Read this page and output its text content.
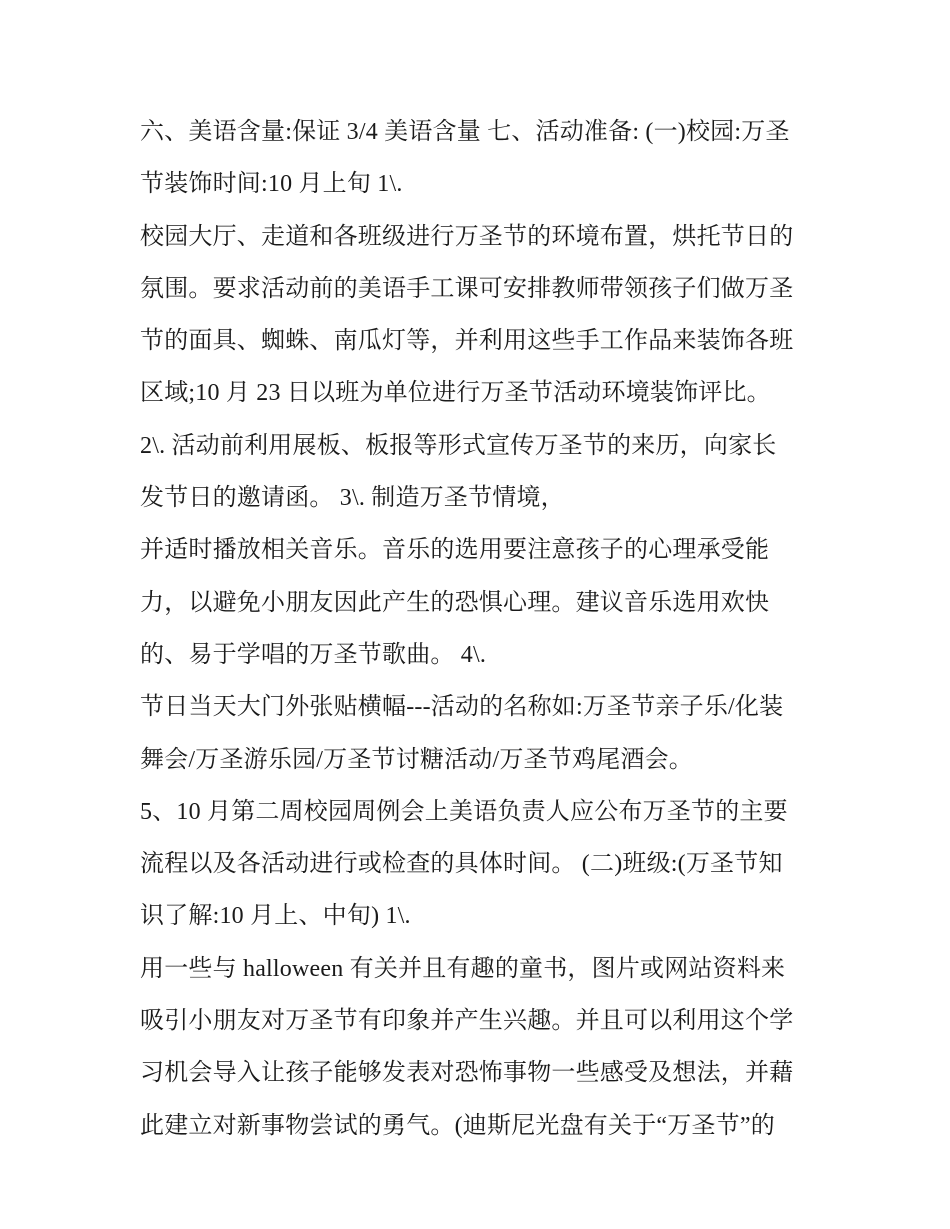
六、美语含量:保证 3/4 美语含量 七、活动准备: (一)校园:万圣
节装饰时间:10 月上旬 1\.
校园大厅、走道和各班级进行万圣节的环境布置，烘托节日的
氛围。要求活动前的美语手工课可安排教师带领孩子们做万圣
节的面具、蜘蛛、南瓜灯等，并利用这些手工作品来装饰各班
区域;10 月 23 日以班为单位进行万圣节活动环境装饰评比。
2\. 活动前利用展板、板报等形式宣传万圣节的来历，向家长
发节日的邀请函。 3\. 制造万圣节情境，
并适时播放相关音乐。音乐的选用要注意孩子的心理承受能
力，以避免小朋友因此产生的恐惧心理。建议音乐选用欢快
的、易于学唱的万圣节歌曲。 4\.
节日当天大门外张贴横幅---活动的名称如:万圣节亲子乐/化装
舞会/万圣游乐园/万圣节讨糖活动/万圣节鸡尾酒会。
5、10 月第二周校园周例会上美语负责人应公布万圣节的主要
流程以及各活动进行或检查的具体时间。 (二)班级:(万圣节知
识了解:10 月上、中旬) 1\.
用一些与 halloween 有关并且有趣的童书，图片或网站资料来
吸引小朋友对万圣节有印象并产生兴趣。并且可以利用这个学
习机会导入让孩子能够发表对恐怖事物一些感受及想法，并藉
此建立对新事物尝试的勇气。(迪斯尼光盘有关于“万圣节”的
